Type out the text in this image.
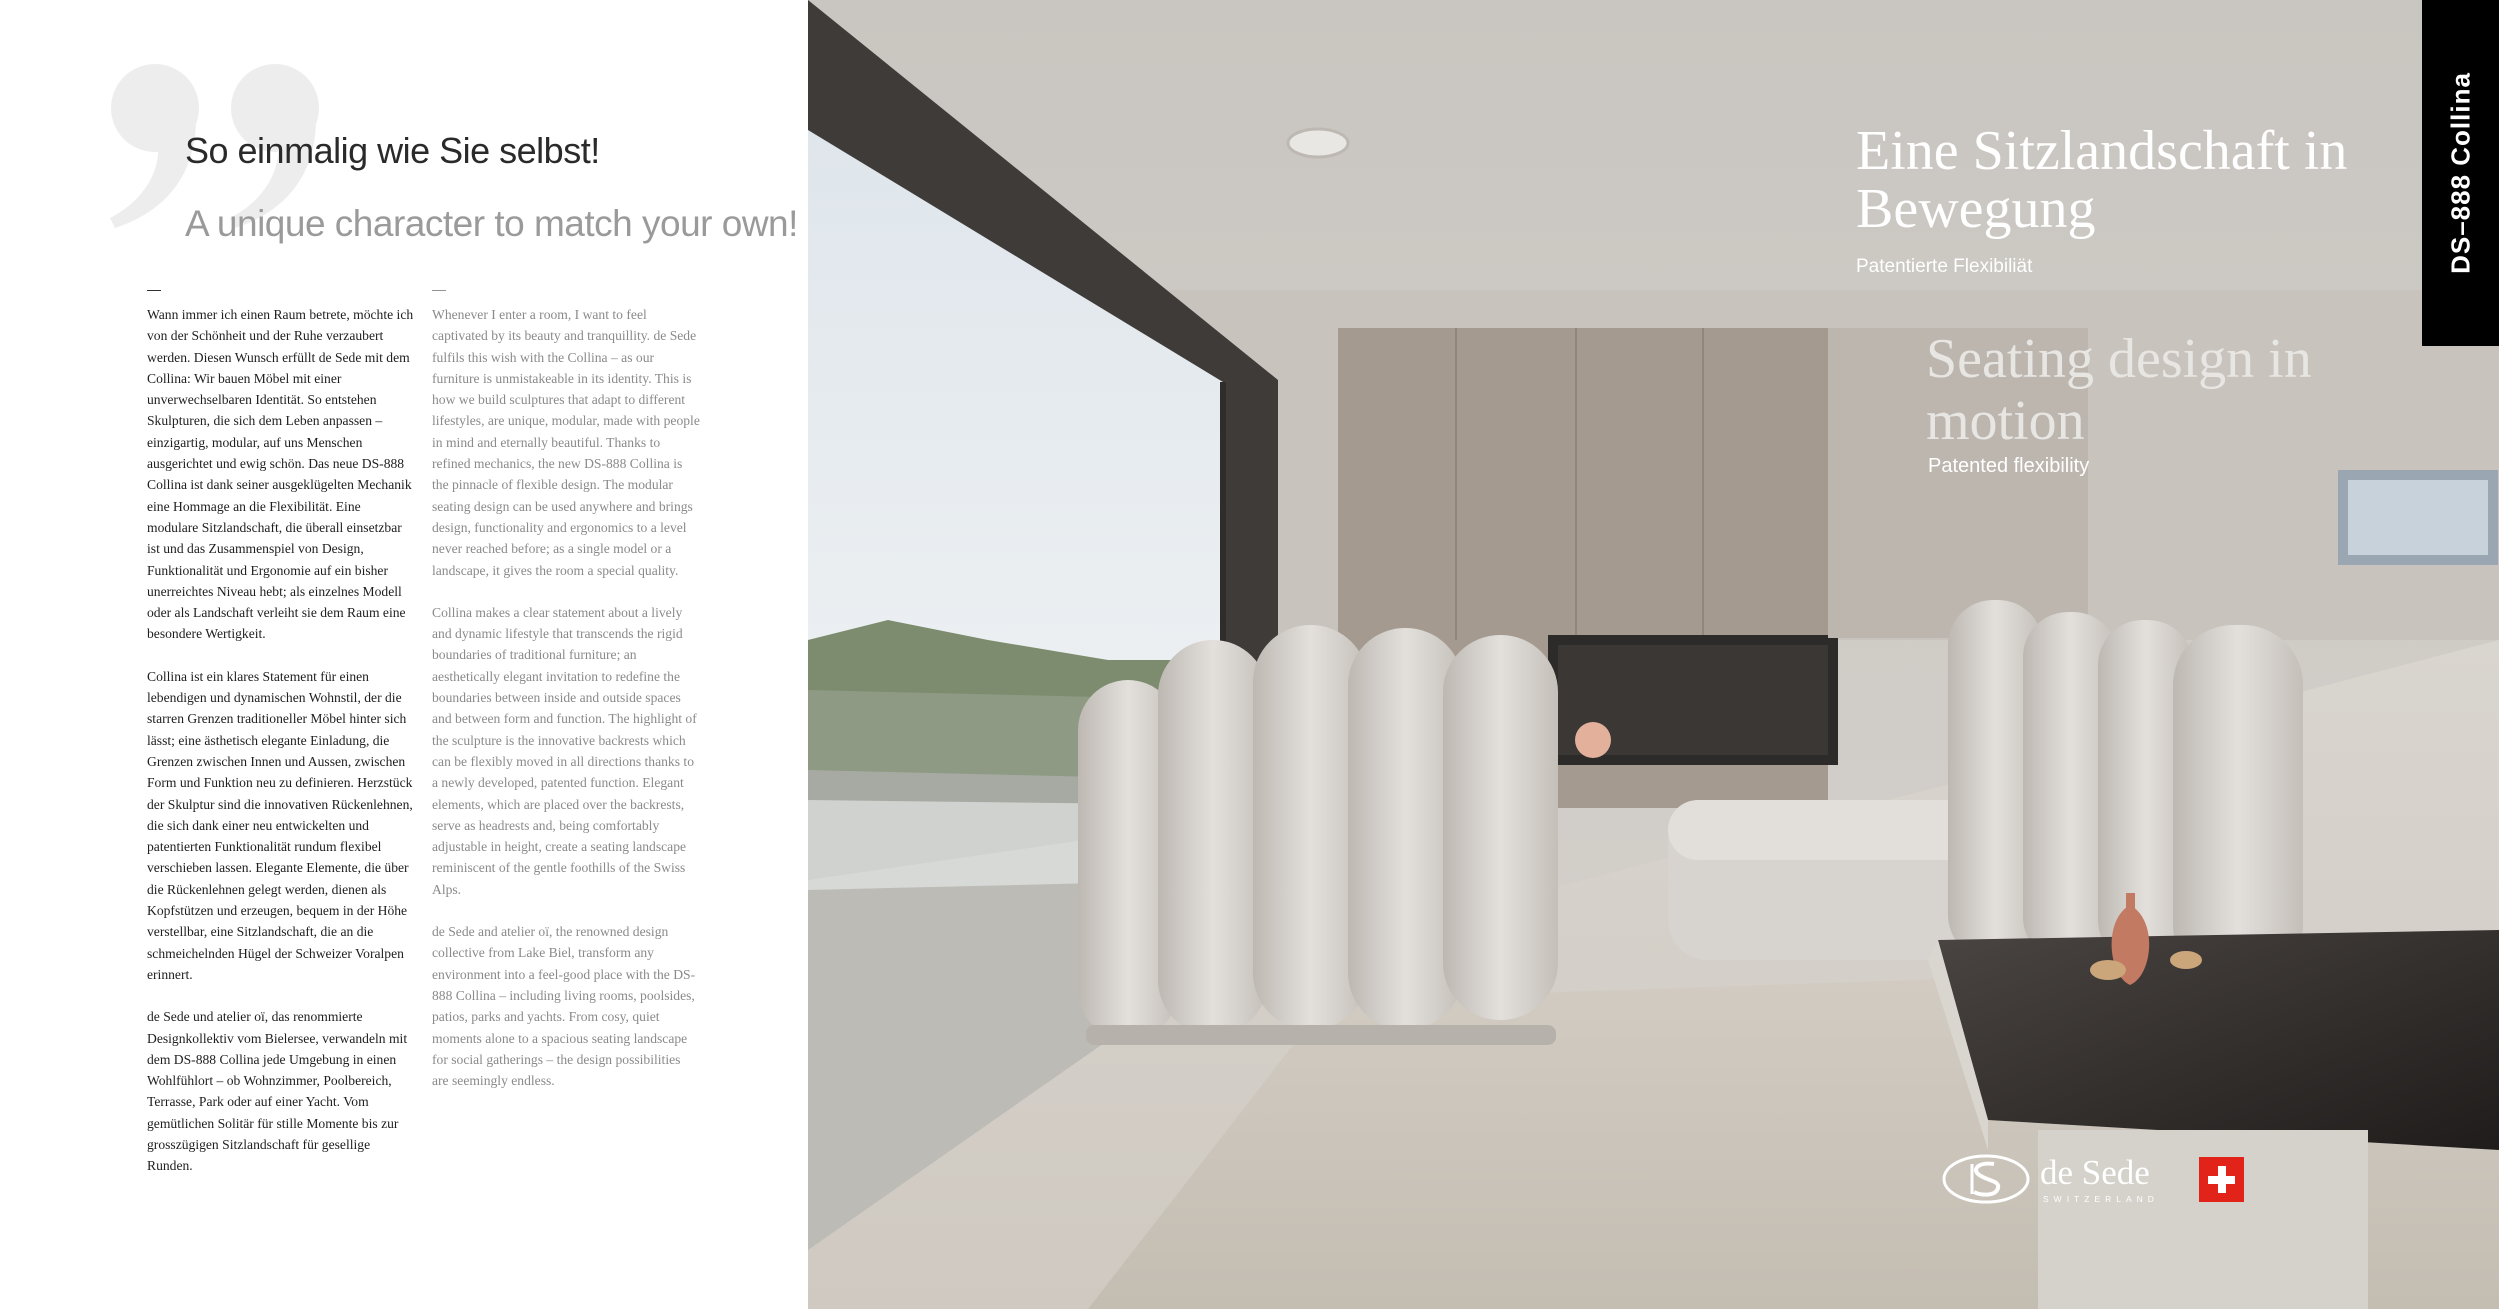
So einmalig wie Sie selbst!
A unique character to match your own!
—

Wann immer ich einen Raum betrete, möchte ich von der Schönheit und der Ruhe verzaubert werden. Diesen Wunsch erfüllt de Sede mit dem Collina: Wir bauen Möbel mit einer unverwechselbaren Identität. So entstehen Skulpturen, die sich dem Leben anpassen – einzigartig, modular, auf uns Menschen ausgerichtet und ewig schön. Das neue DS-888 Collina ist dank seiner ausgeklügelten Mechanik eine Hommage an die Flexibilität. Eine modulare Sitzlandschaft, die überall einsetzbar ist und das Zusammenspiel von Design, Funktionalität und Ergonomie auf ein bisher unerreichtes Niveau hebt; als einzelnes Modell oder als Landschaft verleiht sie dem Raum eine besondere Wertigkeit.

Collina ist ein klares Statement für einen lebendigen und dynamischen Wohnstil, der die starren Grenzen traditioneller Möbel hinter sich lässt; eine ästhetisch elegante Einladung, die Grenzen zwischen Innen und Aussen, zwischen Form und Funktion neu zu definieren. Herzstück der Skulptur sind die innovativen Rückenlehnen, die sich dank einer neu entwickelten und patentierten Funktionalität rundum flexibel verschieben lassen. Elegante Elemente, die über die Rückenlehnen gelegt werden, dienen als Kopfstützen und erzeugen, bequem in der Höhe verstellbar, eine Sitzlandschaft, die an die schmeichelnden Hügel der Schweizer Voralpen erinnert.

de Sede und atelier oï, das renommierte Designkollektiv vom Bielersee, verwandeln mit dem DS-888 Collina jede Umgebung in einen Wohlfühlort – ob Wohnzimmer, Poolbereich, Terrasse, Park oder auf einer Yacht. Vom gemütlichen Solitär für stille Momente bis zur grosszügigen Sitzlandschaft für gesellige Runden.

—

Whenever I enter a room, I want to feel captivated by its beauty and tranquillity. de Sede fulfils this wish with the Collina – as our furniture is unmistakeable in its identity. This is how we build sculptures that adapt to different lifestyles, are unique, modular, made with people in mind and eternally beautiful. Thanks to refined mechanics, the new DS-888 Collina is the pinnacle of flexible design. The modular seating design can be used anywhere and brings design, functionality and ergonomics to a level never reached before; as a single model or a landscape, it gives the room a special quality.

Collina makes a clear statement about a lively and dynamic lifestyle that transcends the rigid boundaries of traditional furniture; an aesthetically elegant invitation to redefine the boundaries between inside and outside spaces and between form and function. The highlight of the sculpture is the innovative backrests which can be flexibly moved in all directions thanks to a newly developed, patented function. Elegant elements, which are placed over the backrests, serve as headrests and, being comfortably adjustable in height, create a seating landscape reminiscent of the gentle foothills of the Swiss Alps.

de Sede and atelier oï, the renowned design collective from Lake Biel, transform any environment into a feel-good place with the DS-888 Collina – including living rooms, poolsides, patios, parks and yachts. From cosy, quiet moments alone to a spacious seating landscape for social gatherings – the design possibilities are seemingly endless.

Eine Sitzlandschaft in Bewegung

Patentierte Flexibiliät

Seating design in motion

Patented flexibility

DS–888 Collina

de Sede

SWITZERLAND
